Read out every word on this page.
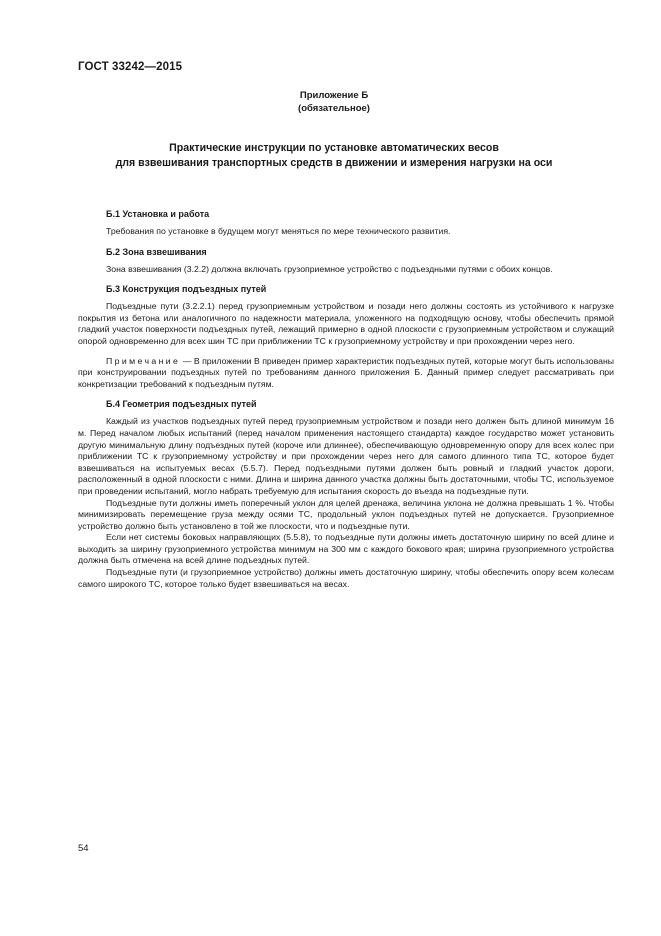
ГОСТ 33242—2015
Приложение Б
(обязательное)
Практические инструкции по установке автоматических весов
для взвешивания транспортных средств в движении и измерения нагрузки на оси
Б.1 Установка и работа

Требования по установке в будущем могут меняться по мере технического развития.

Б.2 Зона взвешивания

Зона взвешивания (3.2.2) должна включать грузоприемное устройство с подъездными путями с обоих концов.

Б.3 Конструкция подъездных путей

Подъездные пути (3.2.2.1) перед грузоприемным устройством и позади него должны состоять из устойчивого к нагрузке покрытия из бетона или аналогичного по надежности материала, уложенного на подходящую основу, чтобы обеспечить прямой гладкий участок поверхности подъездных путей, лежащий примерно в одной плоскости с грузоприемным устройством и служащий опорой одновременно для всех шин ТС при приближении ТС к грузоприемному устройству и при прохождении через него.

Примечание — В приложении В приведен пример характеристик подъездных путей, которые могут быть использованы при конструировании подъездных путей по требованиям данного приложения Б. Данный пример следует рассматривать при конкретизации требований к подъездным путям.

Б.4 Геометрия подъездных путей

Каждый из участков подъездных путей перед грузоприемным устройством и позади него должен быть длиной минимум 16 м. Перед началом любых испытаний (перед началом применения настоящего стандарта) каждое государство может установить другую минимальную длину подъездных путей (короче или длиннее), обеспечивающую одновременную опору для всех колес при приближении ТС к грузоприемному устройству и при прохождении через него для самого длинного типа ТС, которое будет взвешиваться на испытуемых весах (5.5.7). Перед подъездными путями должен быть ровный и гладкий участок дороги, расположенный в одной плоскости с ними. Длина и ширина данного участка должны быть достаточными, чтобы ТС, используемое при проведении испытаний, могло набрать требуемую для испытания скорость до въезда на подъездные пути.

Подъездные пути должны иметь поперечный уклон для целей дренажа, величина уклона не должна превышать 1 %. Чтобы минимизировать перемещение груза между осями ТС, продольный уклон подъездных путей не допускается. Грузоприемное устройство должно быть установлено в той же плоскости, что и подъездные пути.

Если нет системы боковых направляющих (5.5.8), то подъездные пути должны иметь достаточную ширину по всей длине и выходить за ширину грузоприемного устройства минимум на 300 мм с каждого бокового края; ширина грузоприемного устройства должна быть отмечена на всей длине подъездных путей.

Подъездные пути (и грузоприемное устройство) должны иметь достаточную ширину, чтобы обеспечить опору всем колесам самого широкого ТС, которое только будет взвешиваться на весах.

54
